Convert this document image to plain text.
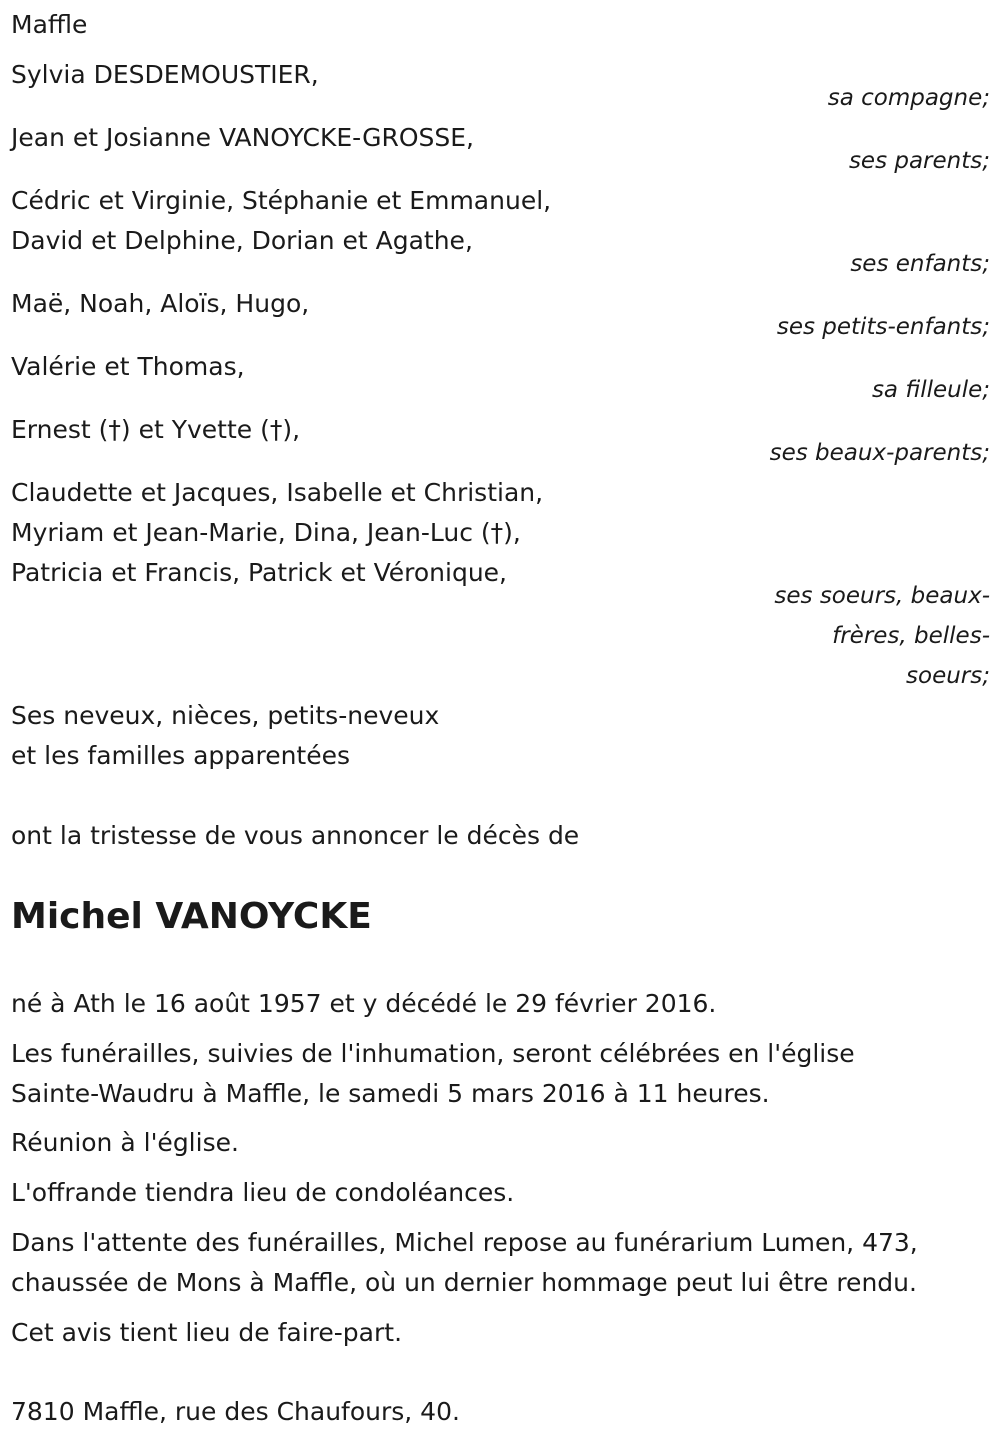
Maffle

Sylvia DESDEMOUSTIER,

sa compagne;

Jean et Josianne VANOYCKE-GROSSE,

ses parents;

Cédric et Virginie, Stéphanie et Emmanuel,

David et Delphine, Dorian et Agathe,

ses enfants;

Maë, Noah, Aloïs, Hugo,

ses petits-enfants;

Valérie et Thomas,

sa filleule;

Ernest (†) et Yvette (†),

ses beaux-parents;

Claudette et Jacques, Isabelle et Christian,

Myriam et Jean-Marie, Dina, Jean-Luc (†),

Patricia et Francis, Patrick et Véronique,

ses soeurs, beaux-frères, belles-soeurs;

Ses neveux, nièces, petits-neveux

et les familles apparentées

ont la tristesse de vous annoncer le décès de

Michel VANOYCKE

né à Ath le 16 août 1957 et y décédé le 29 février 2016.

Les funérailles, suivies de l'inhumation, seront célébrées en l'église

Sainte-Waudru à Maffle, le samedi 5 mars 2016 à 11 heures.

Réunion à l'église.

L'offrande tiendra lieu de condoléances.

Dans l'attente des funérailles, Michel repose au funérarium Lumen, 473,

chaussée de Mons à Maffle, où un dernier hommage peut lui être rendu.

Cet avis tient lieu de faire-part.

7810 Maffle, rue des Chaufours, 40.
